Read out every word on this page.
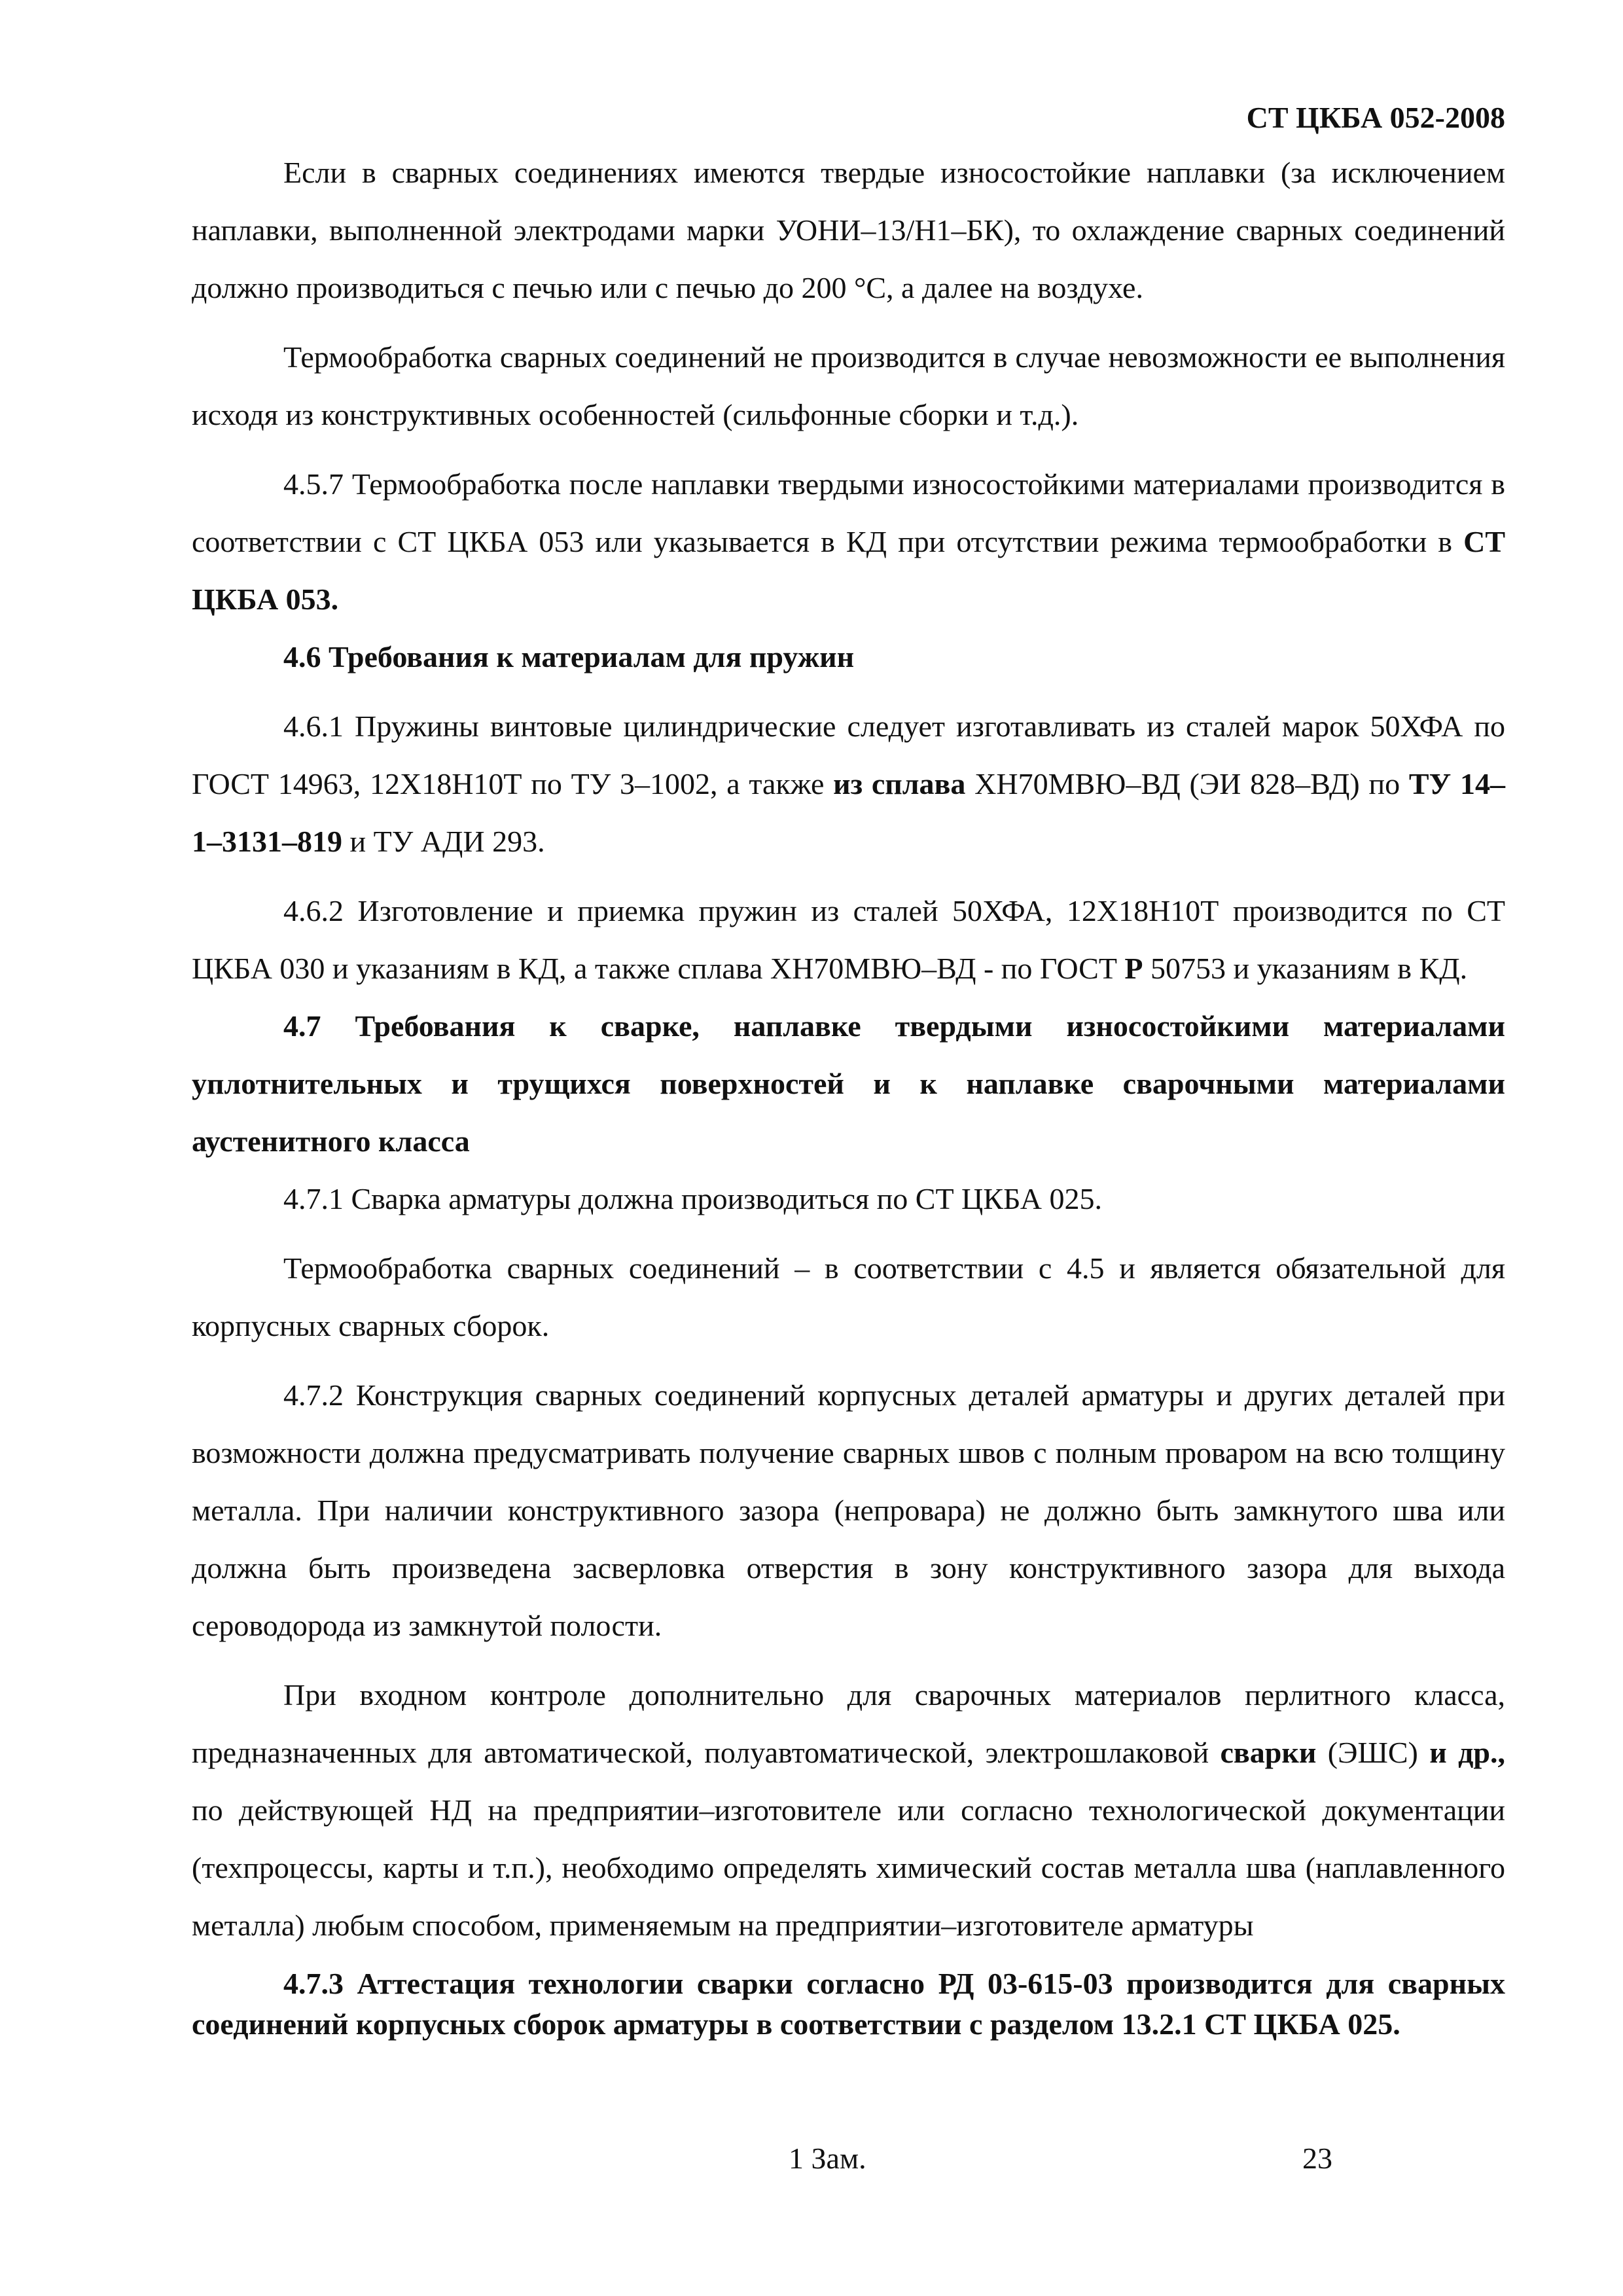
СТ ЦКБА 052-2008

Если в сварных соединениях имеются твердые износостойкие наплавки (за исключением наплавки, выполненной электродами марки УОНИ–13/Н1–БК), то охлаждение сварных соединений должно производиться с печью или с печью до 200 °С, а далее на воздухе.

Термообработка сварных соединений не производится в случае невозможности ее выполнения исходя из конструктивных особенностей (сильфонные сборки и т.д.).

4.5.7 Термообработка после наплавки твердыми износостойкими материалами производится в соответствии с СТ ЦКБА 053 или указывается в КД при отсутствии режима термообработки в СТ ЦКБА 053.

4.6 Требования к материалам для пружин

4.6.1 Пружины винтовые цилиндрические следует изготавливать из сталей марок 50ХФА по ГОСТ 14963, 12Х18Н10Т по ТУ 3–1002, а также из сплава ХН70МВЮ–ВД (ЭИ 828–ВД) по ТУ 14–1–3131–819 и ТУ АДИ 293.

4.6.2 Изготовление и приемка пружин из сталей 50ХФА, 12Х18Н10Т производится по СТ ЦКБА 030 и указаниям в КД, а также сплава ХН70МВЮ–ВД - по ГОСТ Р 50753 и указаниям в КД.

4.7 Требования к сварке, наплавке твердыми износостойкими материалами уплотнительных и трущихся поверхностей и к наплавке сварочными материалами аустенитного класса

4.7.1 Сварка арматуры должна производиться по СТ ЦКБА 025.

Термообработка сварных соединений – в соответствии с 4.5 и является обязательной для корпусных сварных сборок.

4.7.2 Конструкция сварных соединений корпусных деталей арматуры и других деталей при возможности должна предусматривать получение сварных швов с полным проваром на всю толщину металла. При наличии конструктивного зазора (непровара) не должно быть замкнутого шва или должна быть произведена засверловка отверстия в зону конструктивного зазора для выхода сероводорода из замкнутой полости.

При входном контроле дополнительно для сварочных материалов перлитного класса, предназначенных для автоматической, полуавтоматической, электрошлаковой сварки (ЭШС) и др., по действующей НД на предприятии–изготовителе или согласно технологической документации (техпроцессы, карты и т.п.), необходимо определять химический состав металла шва (наплавленного металла) любым способом, применяемым на предприятии–изготовителе арматуры

4.7.3 Аттестация технологии сварки согласно РД 03-615-03 производится для сварных соединений корпусных сборок арматуры в соответствии с разделом 13.2.1 СТ ЦКБА 025.

1 Зам.	23
